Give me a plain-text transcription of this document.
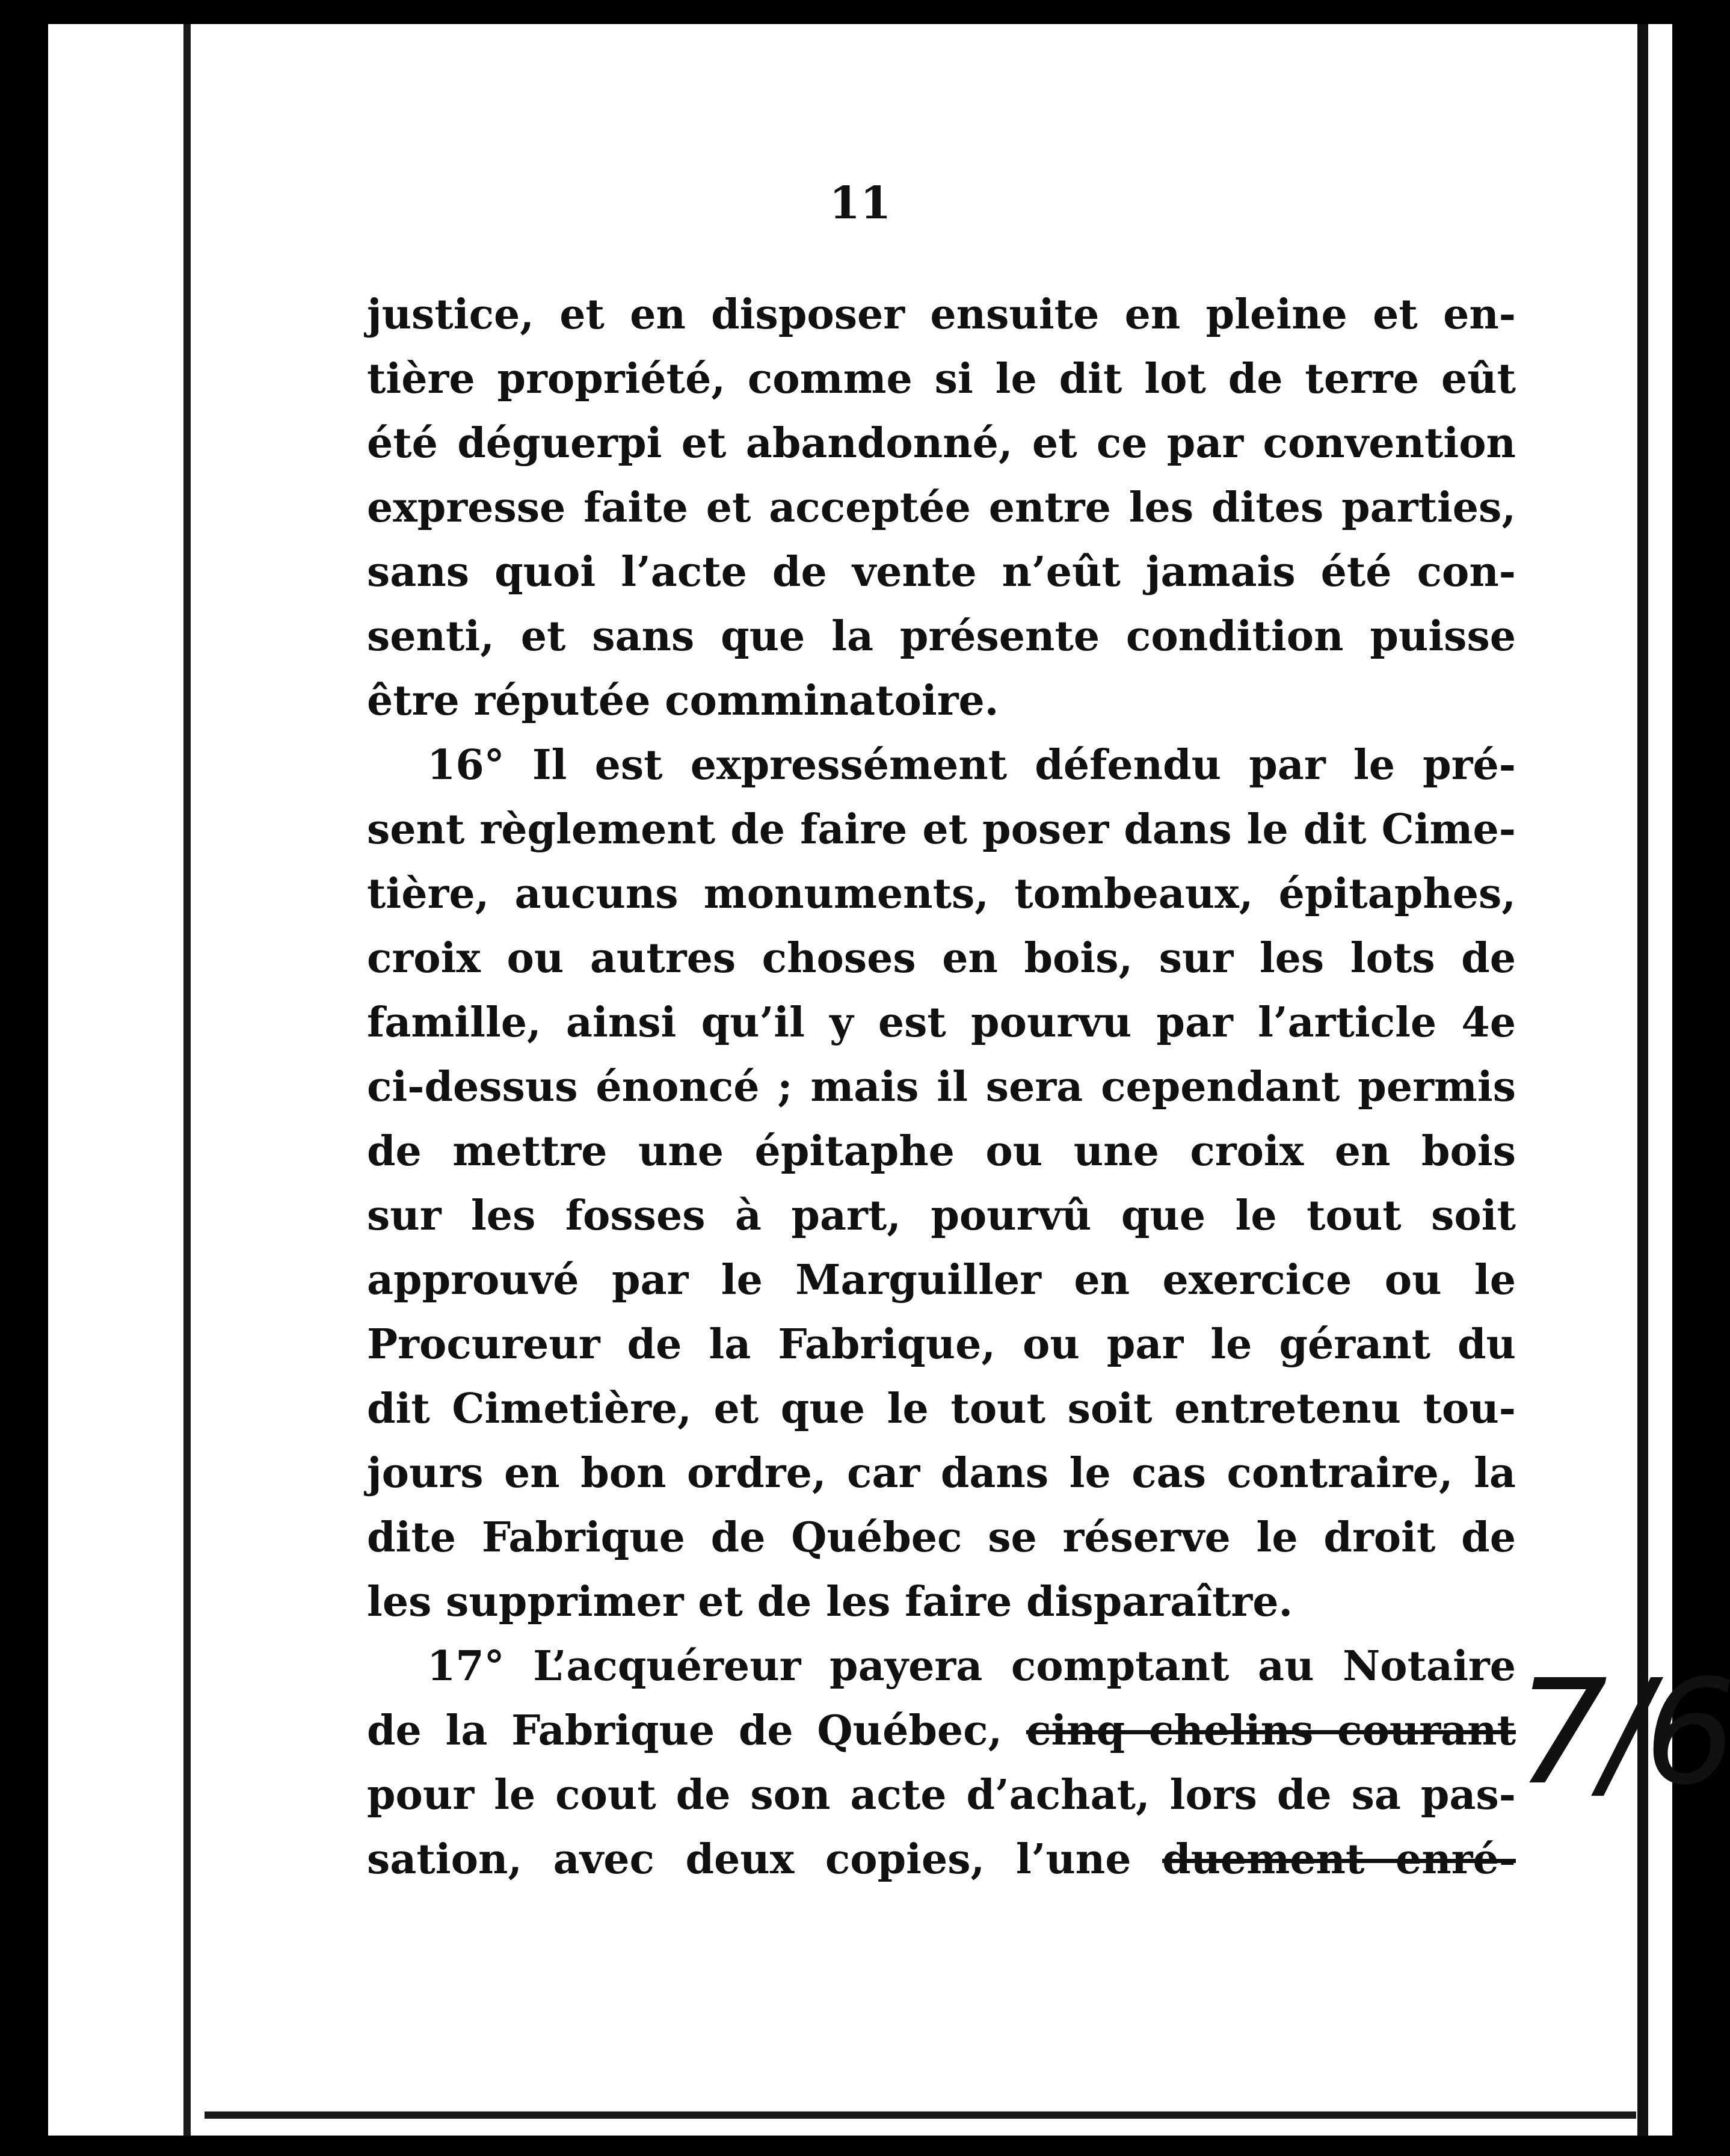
11
justice, et en disposer ensuite en pleine et en-
tière propriété, comme si le dit lot de terre eût
été déguerpi et abandonné, et ce par convention
expresse faite et acceptée entre les dites parties,
sans quoi l’acte de vente n’eût jamais été con-
senti, et sans que la présente condition puisse
être réputée comminatoire.
16° Il est expressément défendu par le pré-
sent règlement de faire et poser dans le dit Cime-
tière, aucuns monuments, tombeaux, épitaphes,
croix ou autres choses en bois, sur les lots de
famille, ainsi qu’il y est pourvu par l’article 4e
ci-dessus énoncé ; mais il sera cependant permis
de mettre une épitaphe ou une croix en bois
sur les fosses à part, pourvû que le tout soit
approuvé par le Marguiller en exercice ou le
Procureur de la Fabrique, ou par le gérant du
dit Cimetière, et que le tout soit entretenu tou-
jours en bon ordre, car dans le cas contraire, la
dite Fabrique de Québec se réserve le droit de
les supprimer et de les faire disparaître.
17° L’acquéreur payera comptant au Notaire
de la Fabrique de Québec, cinq chelins courant
pour le cout de son acte d’achat, lors de sa pas-
sation, avec deux copies, l’une duement enré-
7/6
